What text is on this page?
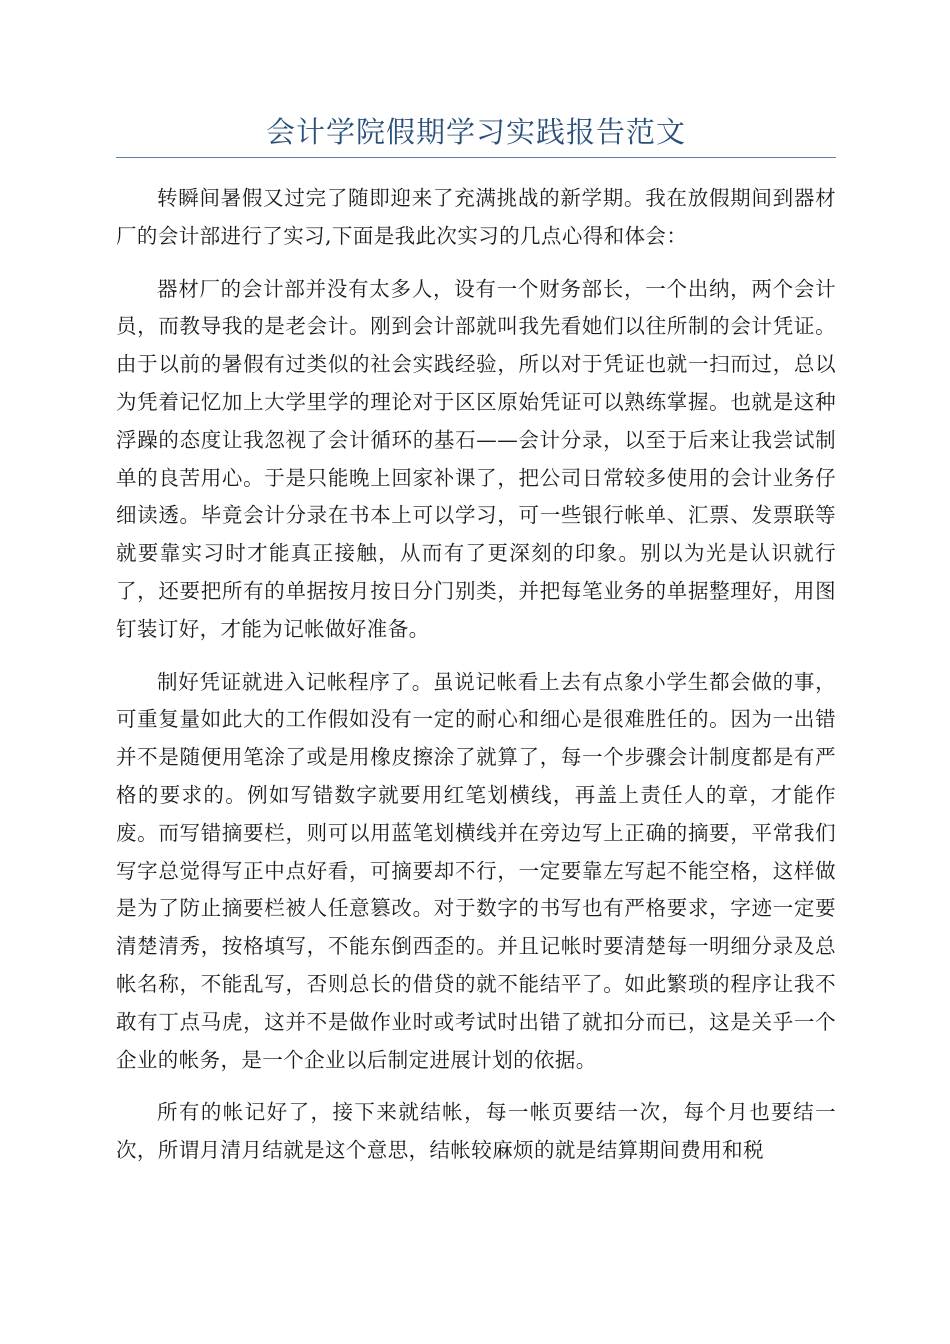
会计学院假期学习实践报告范文

转瞬间暑假又过完了随即迎来了充满挑战的新学期。我在放假期间到器材厂的会计部进行了实习,下面是我此次实习的几点心得和体会：

器材厂的会计部并没有太多人，设有一个财务部长，一个出纳，两个会计员，而教导我的是老会计。刚到会计部就叫我先看她们以往所制的会计凭证。由于以前的暑假有过类似的社会实践经验，所以对于凭证也就一扫而过，总以为凭着记忆加上大学里学的理论对于区区原始凭证可以熟练掌握。也就是这种浮躁的态度让我忽视了会计循环的基石——会计分录，以至于后来让我尝试制单的良苦用心。于是只能晚上回家补课了，把公司日常较多使用的会计业务仔细读透。毕竟会计分录在书本上可以学习，可一些银行帐单、汇票、发票联等就要靠实习时才能真正接触，从而有了更深刻的印象。别以为光是认识就行了，还要把所有的单据按月按日分门别类，并把每笔业务的单据整理好，用图钉装订好，才能为记帐做好准备。

制好凭证就进入记帐程序了。虽说记帐看上去有点象小学生都会做的事，可重复量如此大的工作假如没有一定的耐心和细心是很难胜任的。因为一出错并不是随便用笔涂了或是用橡皮擦涂了就算了，每一个步骤会计制度都是有严格的要求的。例如写错数字就要用红笔划横线，再盖上责任人的章，才能作废。而写错摘要栏，则可以用蓝笔划横线并在旁边写上正确的摘要，平常我们写字总觉得写正中点好看，可摘要却不行，一定要靠左写起不能空格，这样做是为了防止摘要栏被人任意篡改。对于数字的书写也有严格要求，字迹一定要清楚清秀，按格填写，不能东倒西歪的。并且记帐时要清楚每一明细分录及总帐名称，不能乱写，否则总长的借贷的就不能结平了。如此繁琐的程序让我不敢有丁点马虎，这并不是做作业时或考试时出错了就扣分而已，这是关乎一个企业的帐务，是一个企业以后制定进展计划的依据。

所有的帐记好了，接下来就结帐，每一帐页要结一次，每个月也要结一次，所谓月清月结就是这个意思，结帐较麻烦的就是结算期间费用和税
